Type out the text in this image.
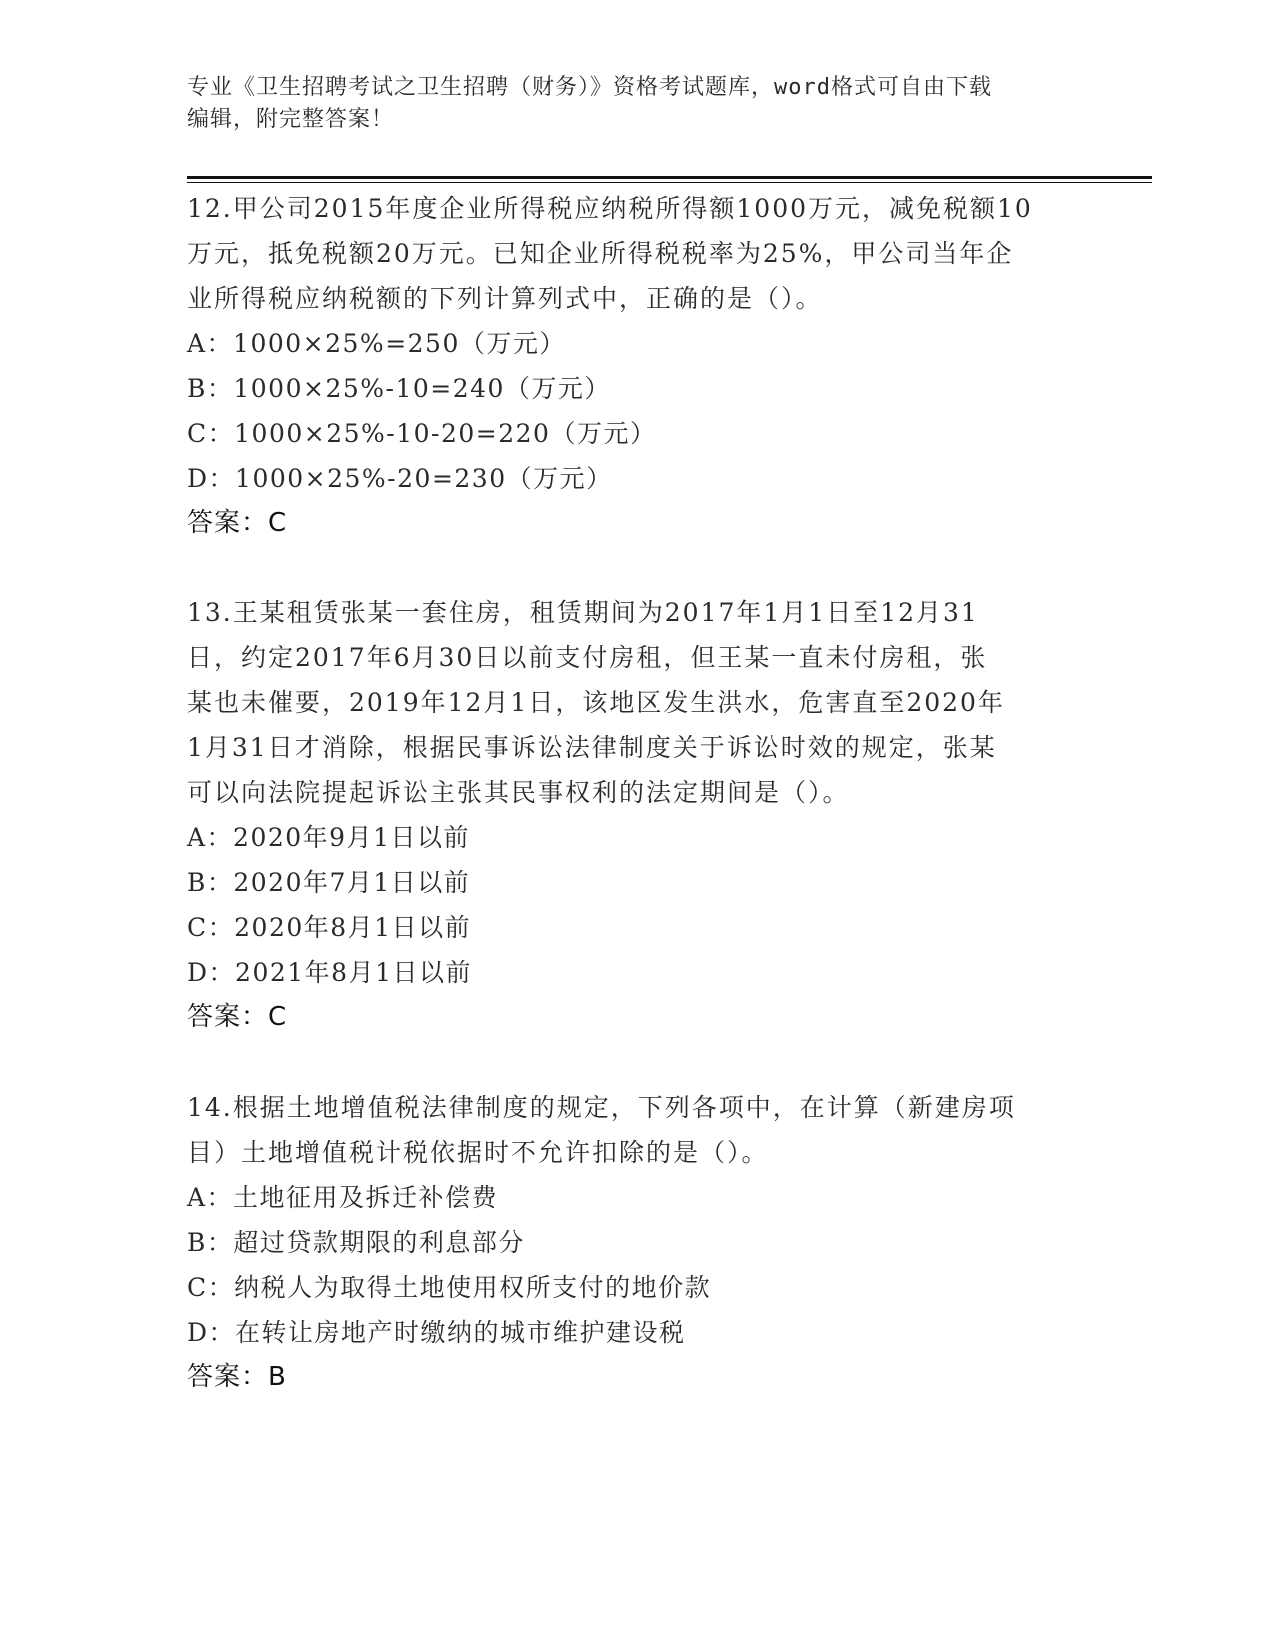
专业《卫生招聘考试之卫生招聘（财务）》资格考试题库，word格式可自由下载
编辑，附完整答案！
12.甲公司2015年度企业所得税应纳税所得额1000万元，减免税额10
万元，抵免税额20万元。已知企业所得税税率为25%，甲公司当年企
业所得税应纳税额的下列计算列式中，正确的是（）。
A：1000×25%=250（万元）
B：1000×25%-10=240（万元）
C：1000×25%-10-20=220（万元）
D：1000×25%-20=230（万元）
答案：C
13.王某租赁张某一套住房，租赁期间为2017年1月1日至12月31
日，约定2017年6月30日以前支付房租，但王某一直未付房租，张
某也未催要，2019年12月1日，该地区发生洪水，危害直至2020年
1月31日才消除，根据民事诉讼法律制度关于诉讼时效的规定，张某
可以向法院提起诉讼主张其民事权利的法定期间是（）。
A：2020年9月1日以前
B：2020年7月1日以前
C：2020年8月1日以前
D：2021年8月1日以前
答案：C
14.根据土地增值税法律制度的规定，下列各项中，在计算（新建房项
目）土地增值税计税依据时不允许扣除的是（）。
A：土地征用及拆迁补偿费
B：超过贷款期限的利息部分
C：纳税人为取得土地使用权所支付的地价款
D：在转让房地产时缴纳的城市维护建设税
答案：B
